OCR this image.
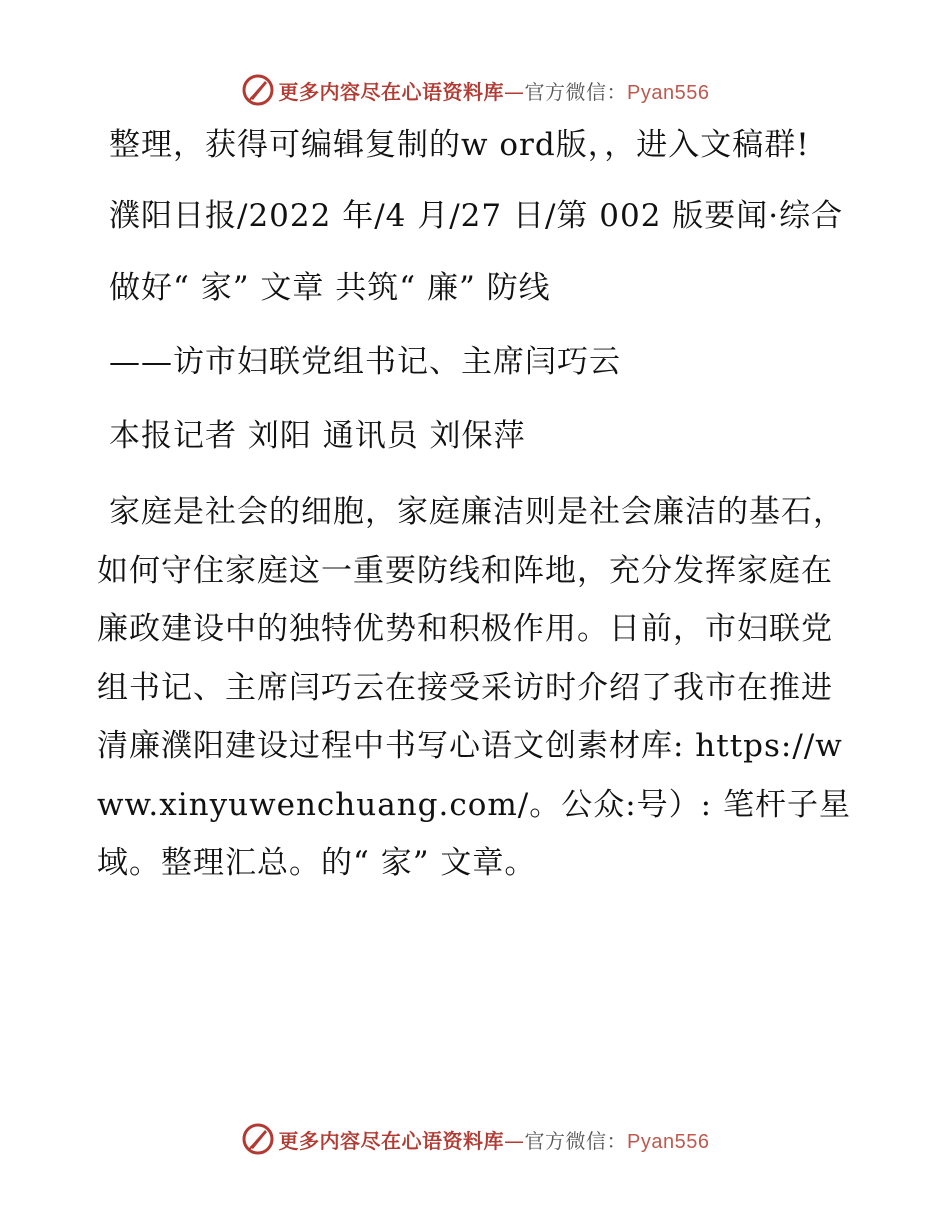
更多内容尽在心语资料库—官方微信：Pyan556

整理，获得可编辑复制的w ord版，，进入文稿群!

濮阳日报/2022 年/4 月/27 日/第 002 版要闻·综合

做好“ 家” 文章 共筑“ 廉” 防线

——访市妇联党组书记、主席闫巧云

本报记者 刘阳 通讯员 刘保萍

家庭是社会的细胞，家庭廉洁则是社会廉洁的基石，如何守住家庭这一重要防线和阵地，充分发挥家庭在廉政建设中的独特优势和积极作用。日前，市妇联党组书记、主席闫巧云在接受采访时介绍了我市在推进清廉濮阳建设过程中书写心语文创素材库: https://www.xinyuwenchuang.com/。公众:号）: 笔杆子星域。整理汇总。的“ 家” 文章。

更多内容尽在心语资料库—官方微信：Pyan556
